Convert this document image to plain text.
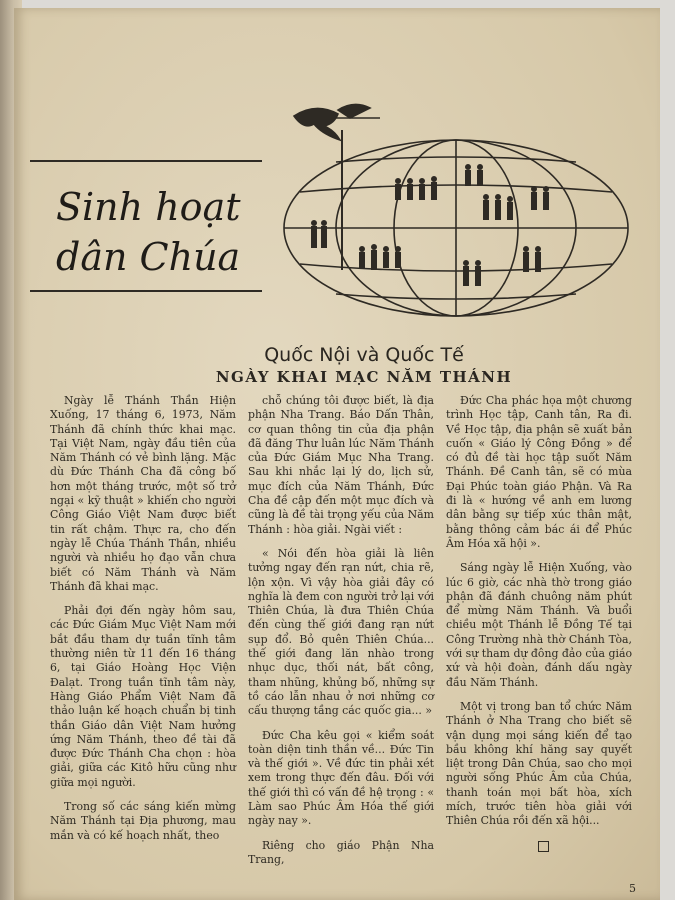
Sinh hoạt
dân Chúa
Quốc Nội và Quốc Tế
NGÀY KHAI MẠC NĂM THÁNH

Ngày lễ Thánh Thần Hiện Xuống, 17 tháng 6, 1973, Năm Thánh đã chính thức khai mạc. Tại Việt Nam, ngày đầu tiên của Năm Thánh có vẻ bình lặng. Mặc dù Đức Thánh Cha đã công bố hơn một tháng trước, một số trở ngại « kỹ thuật » khiến cho người Công Giáo Việt Nam được biết tin rất chậm. Thực ra, cho đến ngày lễ Chúa Thánh Thần, nhiều người và nhiều họ đạo vẫn chưa biết có Năm Thánh và Năm Thánh đã khai mạc.

Phải đợi đến ngày hôm sau, các Đức Giám Mục Việt Nam mới bắt đầu tham dự tuần tĩnh tâm thường niên từ 11 đến 16 tháng 6, tại Giáo Hoàng Học Viện Đalạt. Trong tuần tĩnh tâm này, Hàng Giáo Phẩm Việt Nam đã thảo luận kế hoạch chuẩn bị tinh thần Giáo dân Việt Nam hưởng ứng Năm Thánh, theo đề tài đã được Đức Thánh Cha chọn : hòa giải, giữa các Kitô hữu cũng như giữa mọi người.

Trong số các sáng kiến mừng Năm Thánh tại Địa phương, mau mắn và có kế hoạch nhất, theo

chỗ chúng tôi được biết, là địa phận Nha Trang. Báo Dấn Thân, cơ quan thông tin của địa phận đã đăng Thư luân lúc Năm Thánh của Đức Giám Mục Nha Trang. Sau khi nhắc lại lý do, lịch sử, mục đích của Năm Thánh, Đức Cha đề cập đến một mục đích và cũng là đề tài trọng yếu của Năm Thánh : hòa giải. Ngài viết :

« Nói đến hòa giải là liên tưởng ngay đến rạn nứt, chia rẽ, lộn xộn. Vì vậy hòa giải đây có nghĩa là đem con người trở lại với Thiên Chúa, là đưa Thiên Chúa đến cùng thế giới đang rạn nứt sụp đổ. Bỏ quên Thiên Chúa... thế giới đang lăn nhào trong nhục dục, thối nát, bất công, tham nhũng, khủng bố, những sự tồ cáo lẫn nhau ở nơi những cơ cấu thượng tầng các quốc gia... »

Đức Cha kêu gọi « kiểm soát toàn diện tinh thần về... Đức Tin và thế giới ». Về đức tin phải xét xem trong thực đến đâu. Đối với thế giới thì có vấn đề hệ trọng : « Làm sao Phúc Âm Hóa thế giới ngày nay ».

Riêng cho giáo Phận Nha Trang,

Đức Cha phác họa một chương trình Học tập, Canh tân, Ra đi. Về Học tập, địa phận sẽ xuất bản cuốn « Giáo lý Công Đồng » để có đủ đề tài học tập suốt Năm Thánh. Đề Canh tân, sẽ có mùa Đại Phúc toàn giáo Phận. Và Ra đi là « hướng về anh em lương dân bằng sự tiếp xúc thân mật, bằng thông cảm bác ái để Phúc Âm Hóa xã hội ».

Sáng ngày lễ Hiện Xuống, vào lúc 6 giờ, các nhà thờ trong giáo phận đã đánh chuông năm phút để mừng Năm Thánh. Và buổi chiều một Thánh lễ Đồng Tế tại Công Trường nhà thờ Chánh Tòa, với sự tham dự đông đảo của giáo xứ và hội đoàn, đánh dấu ngày đầu Năm Thánh.

Một vị trong ban tổ chức Năm Thánh ở Nha Trang cho biết sẽ vận dụng mọi sáng kiến để tạo bầu không khí hăng say quyết liệt trong Dân Chúa, sao cho mọi người sống Phúc Âm của Chúa, thanh toán mọi bất hòa, xích mích, trước tiên hòa giải với Thiên Chúa rồi đến xã hội...

5
